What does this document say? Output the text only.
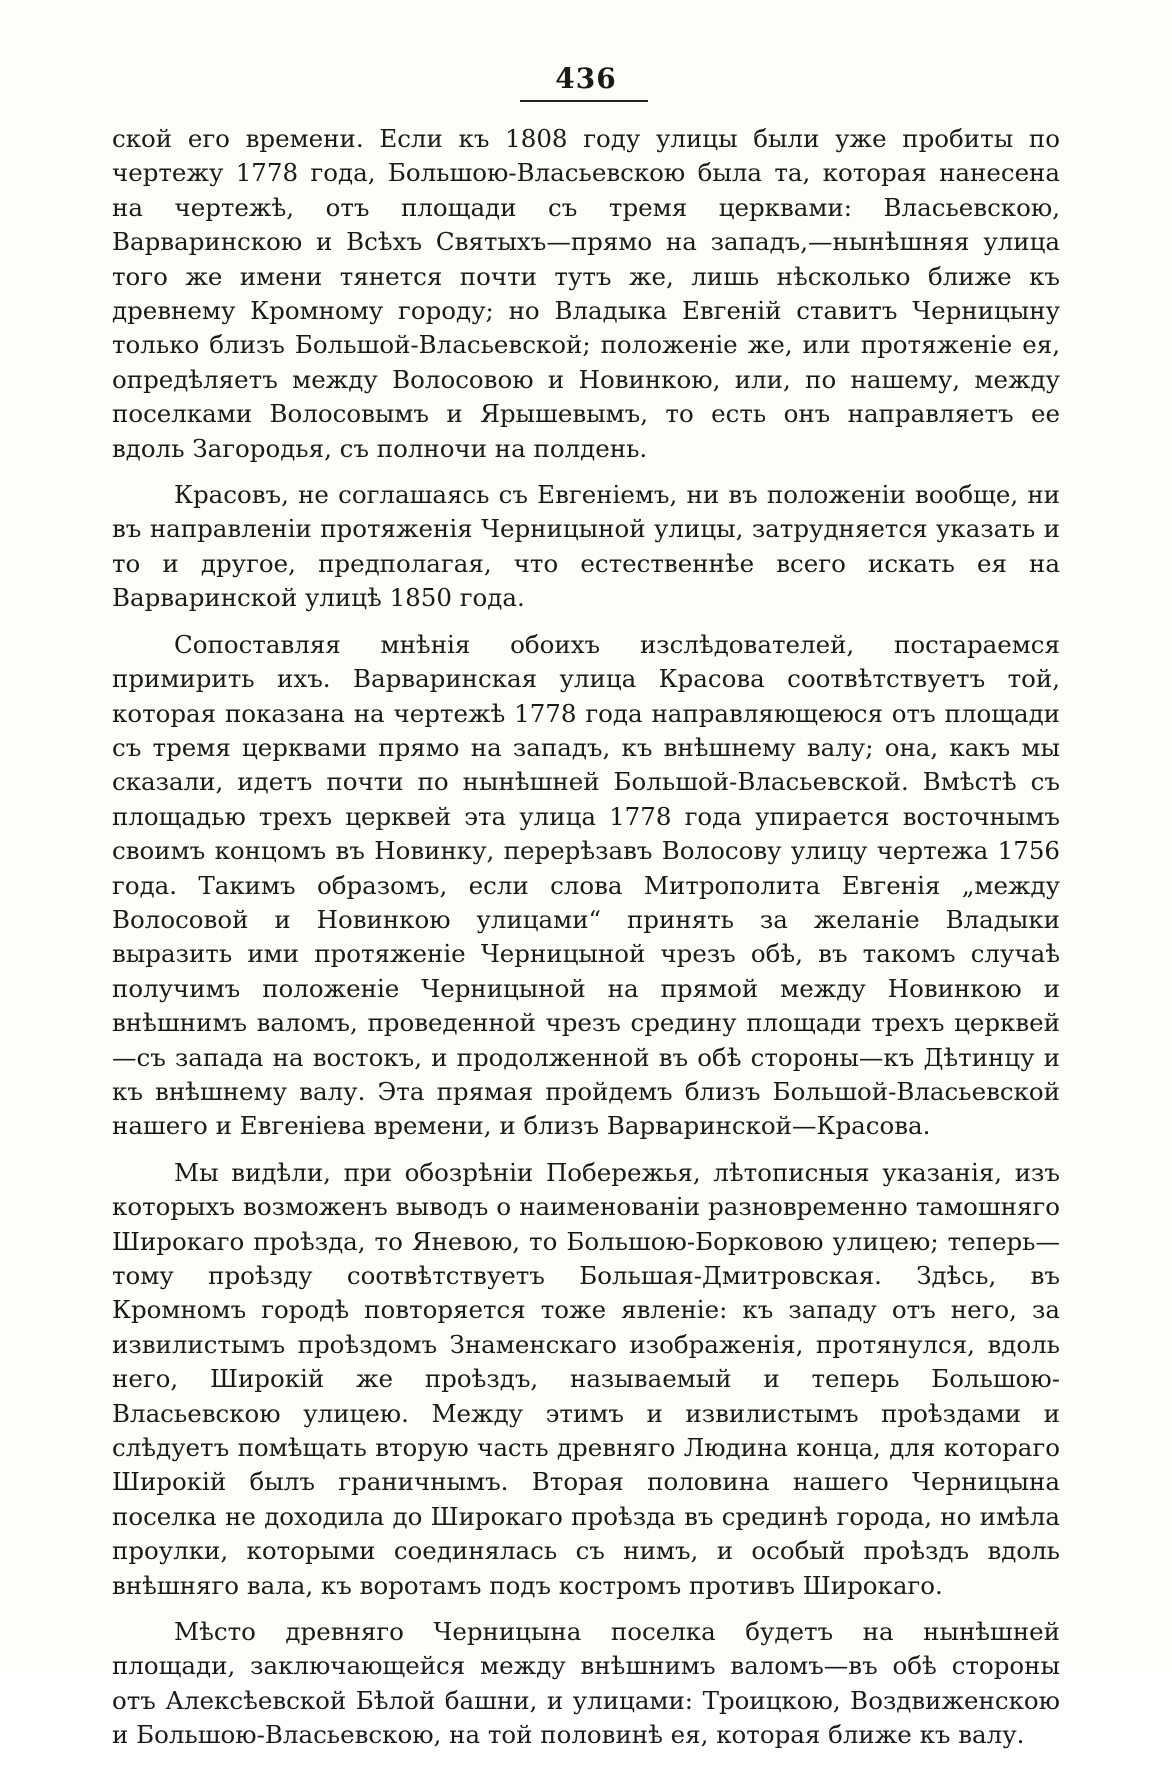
436

ской его времени. Если къ 1808 году улицы были уже пробиты по чертежу 1778 года, Большою-Власьевскою была та, которая нанесена на чертежѣ, отъ площади съ тремя церквами: Власьевскою, Варваринскою и Всѣхъ Святыхъ—прямо на западъ,—нынѣшняя улица того же имени тянется почти тутъ же, лишь нѣсколько ближе къ древнему Кромному городу; но Владыка Евгеній ставитъ Черницыну только близъ Большой-Власьевской; положеніе же, или протяженіе ея, опредѣляетъ между Волосовою и Новинкою, или, по нашему, между поселками Волосовымъ и Ярышевымъ, то есть онъ направляетъ ее вдоль Загородья, съ полночи на полдень.

Красовъ, не соглашаясь съ Евгеніемъ, ни въ положеніи вообще, ни въ направленіи протяженія Черницыной улицы, затрудняется указать и то и другое, предполагая, что естественнѣе всего искать ея на Варваринской улицѣ 1850 года.

Сопоставляя мнѣнія обоихъ изслѣдователей, постараемся примирить ихъ. Варваринская улица Красова соотвѣтствуетъ той, которая показана на чертежѣ 1778 года направляющеюся отъ площади съ тремя церквами прямо на западъ, къ внѣшнему валу; она, какъ мы сказали, идетъ почти по нынѣшней Большой-Власьевской. Вмѣстѣ съ площадью трехъ церквей эта улица 1778 года упирается восточнымъ своимъ концомъ въ Новинку, перерѣзавъ Волосову улицу чертежа 1756 года. Такимъ образомъ, если слова Митрополита Евгенія „между Волосовой и Новинкою улицами“ принять за желаніе Владыки выразить ими протяженіе Черницыной чрезъ обѣ, въ такомъ случаѣ получимъ положеніе Черницыной на прямой между Новинкою и внѣшнимъ валомъ, проведенной чрезъ средину площади трехъ церквей—съ запада на востокъ, и продолженной въ обѣ стороны—къ Дѣтинцу и къ внѣшнему валу. Эта прямая пройдемъ близъ Большой-Власьевской нашего и Евгеніева времени, и близъ Варваринской—Красова.

Мы видѣли, при обозрѣніи Побережья, лѣтописныя указанія, изъ которыхъ возможенъ выводъ о наименованіи разновременно тамошняго Широкаго проѣзда, то Яневою, то Большою-Борковою улицею; теперь—тому проѣзду соотвѣтствуетъ Большая-Дмитровская. Здѣсь, въ Кромномъ городѣ повторяется тоже явленіе: къ западу отъ него, за извилистымъ проѣздомъ Знаменскаго изображенія, протянулся, вдоль него, Широкій же проѣздъ, называемый и теперь Большою-Власьевскою улицею. Между этимъ и извилистымъ проѣздами и слѣдуетъ помѣщать вторую часть древняго Людина конца, для котораго Широкій былъ граничнымъ. Вторая половина нашего Черницына поселка не доходила до Широкаго проѣзда въ срединѣ города, но имѣла проулки, которыми соединялась съ нимъ, и особый проѣздъ вдоль внѣшняго вала, къ воротамъ подъ костромъ противъ Широкаго.

Мѣсто древняго Черницына поселка будетъ на нынѣшней площади, заключающейся между внѣшнимъ валомъ—въ обѣ стороны отъ Алексѣевской Бѣлой башни, и улицами: Троицкою, Воздвиженскою и Большою-Власьевскою, на той половинѣ ея, которая ближе къ валу.
